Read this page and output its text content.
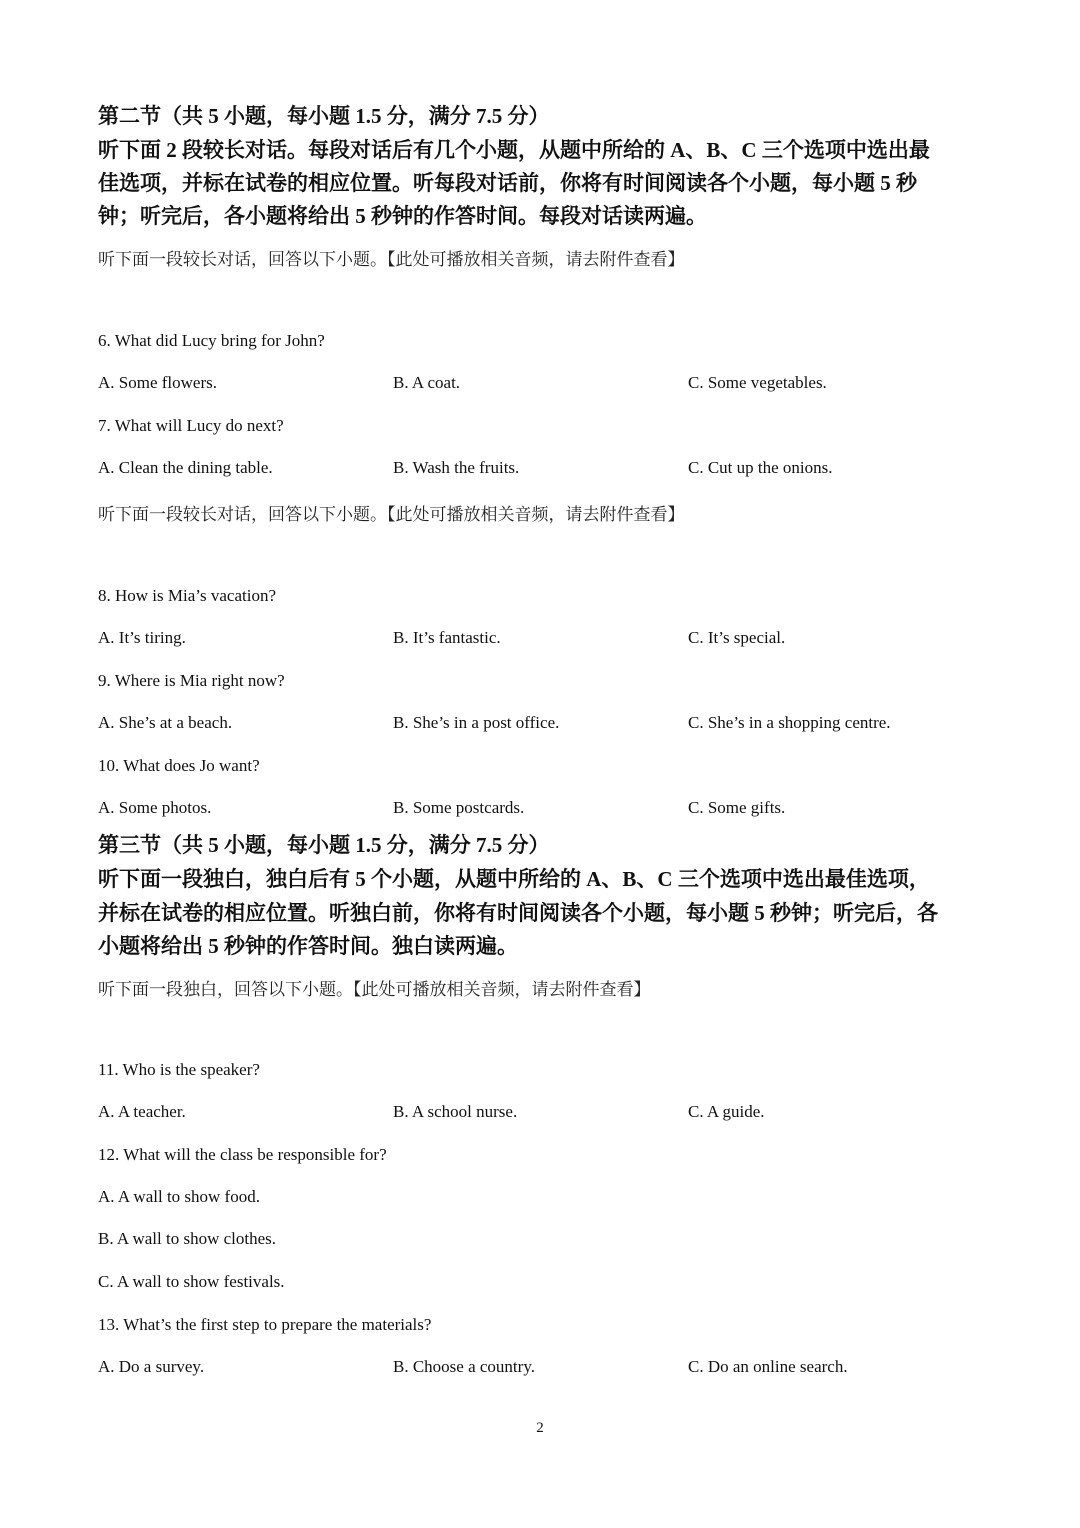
第二节（共 5 小题，每小题 1.5 分，满分 7.5 分）
听下面 2 段较长对话。每段对话后有几个小题，从题中所给的 A、B、C 三个选项中选出最
佳选项，并标在试卷的相应位置。听每段对话前，你将有时间阅读各个小题，每小题 5 秒
钟；听完后，各小题将给出 5 秒钟的作答时间。每段对话读两遍。
听下面一段较长对话，回答以下小题。【此处可播放相关音频，请去附件查看】
6. What did Lucy bring for John?
A. Some flowers.	B. A coat.	C. Some vegetables.
7. What will Lucy do next?
A. Clean the dining table.	B. Wash the fruits.	C. Cut up the onions.
听下面一段较长对话，回答以下小题。【此处可播放相关音频，请去附件查看】
8. How is Mia’s vacation?
A. It’s tiring.	B. It’s fantastic.	C. It’s special.
9. Where is Mia right now?
A. She’s at a beach.	B. She’s in a post office.	C. She’s in a shopping centre.
10. What does Jo want?
A. Some photos.	B. Some postcards.	C. Some gifts.
第三节（共 5 小题，每小题 1.5 分，满分 7.5 分）
听下面一段独白，独白后有 5 个小题，从题中所给的 A、B、C 三个选项中选出最佳选项，
并标在试卷的相应位置。听独白前，你将有时间阅读各个小题，每小题 5 秒钟；听完后，各
小题将给出 5 秒钟的作答时间。独白读两遍。
听下面一段独白，回答以下小题。【此处可播放相关音频，请去附件查看】
11. Who is the speaker?
A. A teacher.	B. A school nurse.	C. A guide.
12. What will the class be responsible for?
A. A wall to show food.
B. A wall to show clothes.
C. A wall to show festivals.
13. What’s the first step to prepare the materials?
A. Do a survey.	B. Choose a country.	C. Do an online search.
2
